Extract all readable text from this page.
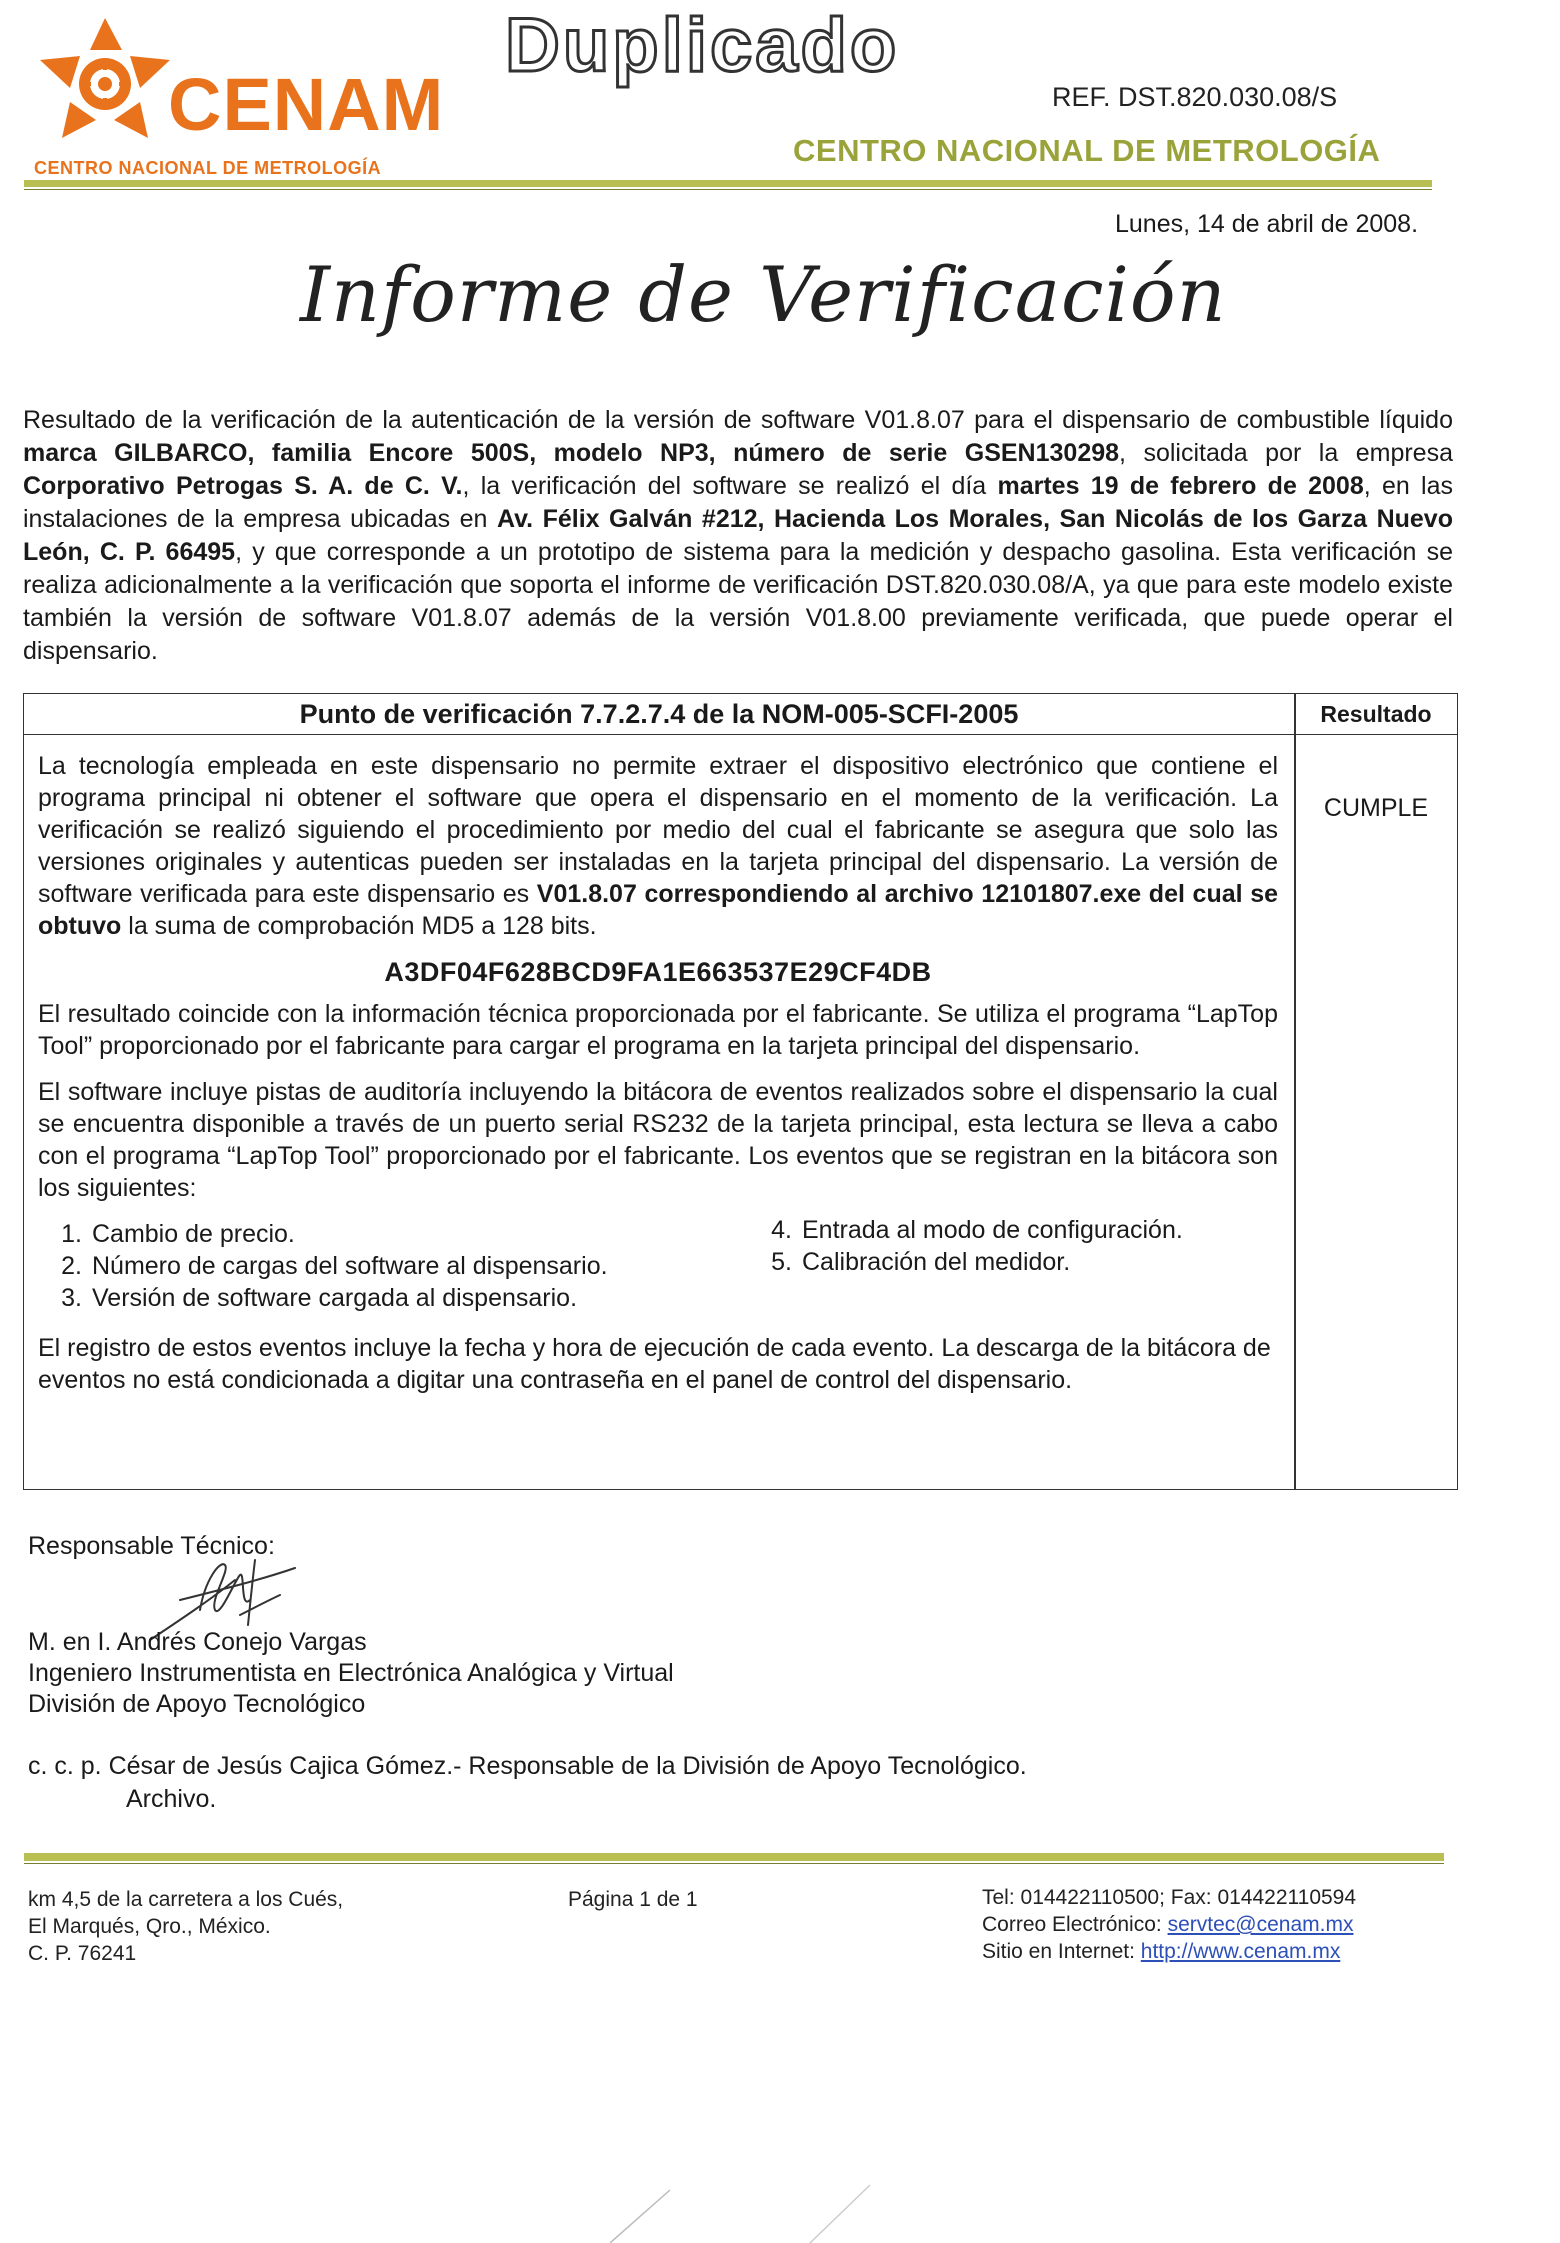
CENAM
CENTRO NACIONAL DE METROLOGÍA
Duplicado
REF. DST.820.030.08/S
CENTRO NACIONAL DE METROLOGÍA
Lunes, 14 de abril de 2008.
Informe de Verificación
Resultado de la verificación de la autenticación de la versión de software V01.8.07 para el dispensario de combustible líquido marca GILBARCO, familia Encore 500S, modelo NP3, número de serie GSEN130298, solicitada por la empresa Corporativo Petrogas S. A. de C. V., la verificación del software se realizó el día martes 19 de febrero de 2008, en las instalaciones de la empresa ubicadas en Av. Félix Galván #212, Hacienda Los Morales, San Nicolás de los Garza Nuevo León, C. P. 66495, y que corresponde a un prototipo de sistema para la medición y despacho gasolina. Esta verificación se realiza adicionalmente a la verificación que soporta el informe de verificación DST.820.030.08/A, ya que para este modelo existe también la versión de software V01.8.07 además de la versión V01.8.00 previamente verificada, que puede operar el dispensario.
Punto de verificación 7.7.2.7.4 de la NOM-005-SCFI-2005	Resultado
CUMPLE

La tecnología empleada en este dispensario no permite extraer el dispositivo electrónico que contiene el programa principal ni obtener el software que opera el dispensario en el momento de la verificación. La verificación se realizó siguiendo el procedimiento por medio del cual el fabricante se asegura que solo las versiones originales y autenticas pueden ser instaladas en la tarjeta principal del dispensario. La versión de software verificada para este dispensario es V01.8.07 correspondiendo al archivo 12101807.exe del cual se obtuvo la suma de comprobación MD5 a 128 bits.

A3DF04F628BCD9FA1E663537E29CF4DB

El resultado coincide con la información técnica proporcionada por el fabricante. Se utiliza el programa “LapTop Tool” proporcionado por el fabricante para cargar el programa en la tarjeta principal del dispensario.

El software incluye pistas de auditoría incluyendo la bitácora de eventos realizados sobre el dispensario la cual se encuentra disponible a través de un puerto serial RS232 de la tarjeta principal, esta lectura se lleva a cabo con el programa “LapTop Tool” proporcionado por el fabricante. Los eventos que se registran en la bitácora son los siguientes:

1. Cambio de precio.
2. Número de cargas del software al dispensario.
3. Versión de software cargada al dispensario.
4. Entrada al modo de configuración.
5. Calibración del medidor.

El registro de estos eventos incluye la fecha y hora de ejecución de cada evento. La descarga de la bitácora de eventos no está condicionada a digitar una contraseña en el panel de control del dispensario.

Responsable Técnico:
M. en I. Andrés Conejo Vargas
Ingeniero Instrumentista en Electrónica Analógica y Virtual
División de Apoyo Tecnológico
c. c. p. César de Jesús Cajica Gómez.- Responsable de la División de Apoyo Tecnológico.
Archivo.
km 4,5 de la carretera a los Cués,
El Marqués, Qro., México.
C. P. 76241
Página 1 de 1	Tel: 014422110500; Fax: 014422110594
Correo Electrónico: servtec@cenam.mx
Sitio en Internet: http://www.cenam.mx
